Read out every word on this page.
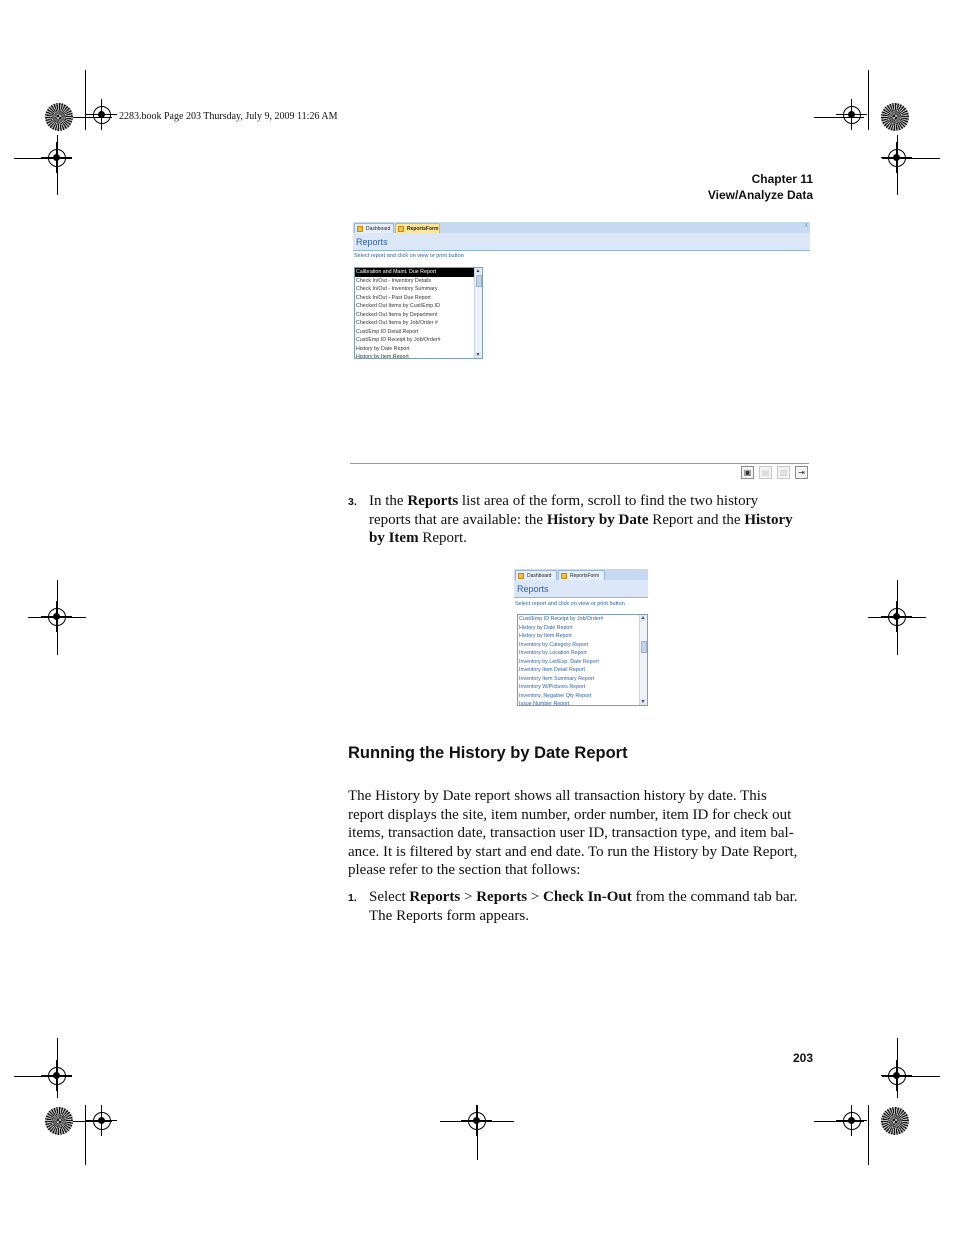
2283.book Page 203 Thursday, July 9, 2009 11:26 AM
Chapter 11
View/Analyze Data
Dashboard	ReportsForm	x
Reports
Select report and click on view or print button
Calibration and Maint. Due Report
Check In/Out - Inventory Details
Check In/Out - Inventory Summary
Check In/Out - Past Due Report
Checked Out Items by Cust/Emp ID
Checked Out Items by Department
Checked Out Items by Job/Order #
Cust/Emp ID Detail Report
Cust/Emp ID Receipt by Job/Order#
History by Date Report
History by Item Report
▲
▼
▣	▤	▥	⇥
3. In the Reports list area of the form, scroll to find the two history
reports that are available: the History by Date Report and the History
by Item Report.
Dashboard	ReportsForm
Reports
Select report and click on view or print button
Cust/Emp ID Receipt by Job/Order#
History by Date Report
History by Item Report
Inventory by Category Report
Inventory by Location Report
Inventory by Lot/Exp. Date Report
Inventory Item Detail Report
Inventory Item Summary Report
Inventory W/Pictures Report
Inventory, Negative Qty Report
Issue Number Report
▲
▼
Running the History by Date Report
The History by Date report shows all transaction history by date. This
report displays the site, item number, order number, item ID for check out
items, transaction date, transaction user ID, transaction type, and item bal-
ance. It is filtered by start and end date. To run the History by Date Report,
please refer to the section that follows:
1. Select Reports > Reports > Check In-Out from the command tab bar.
The Reports form appears.
203
